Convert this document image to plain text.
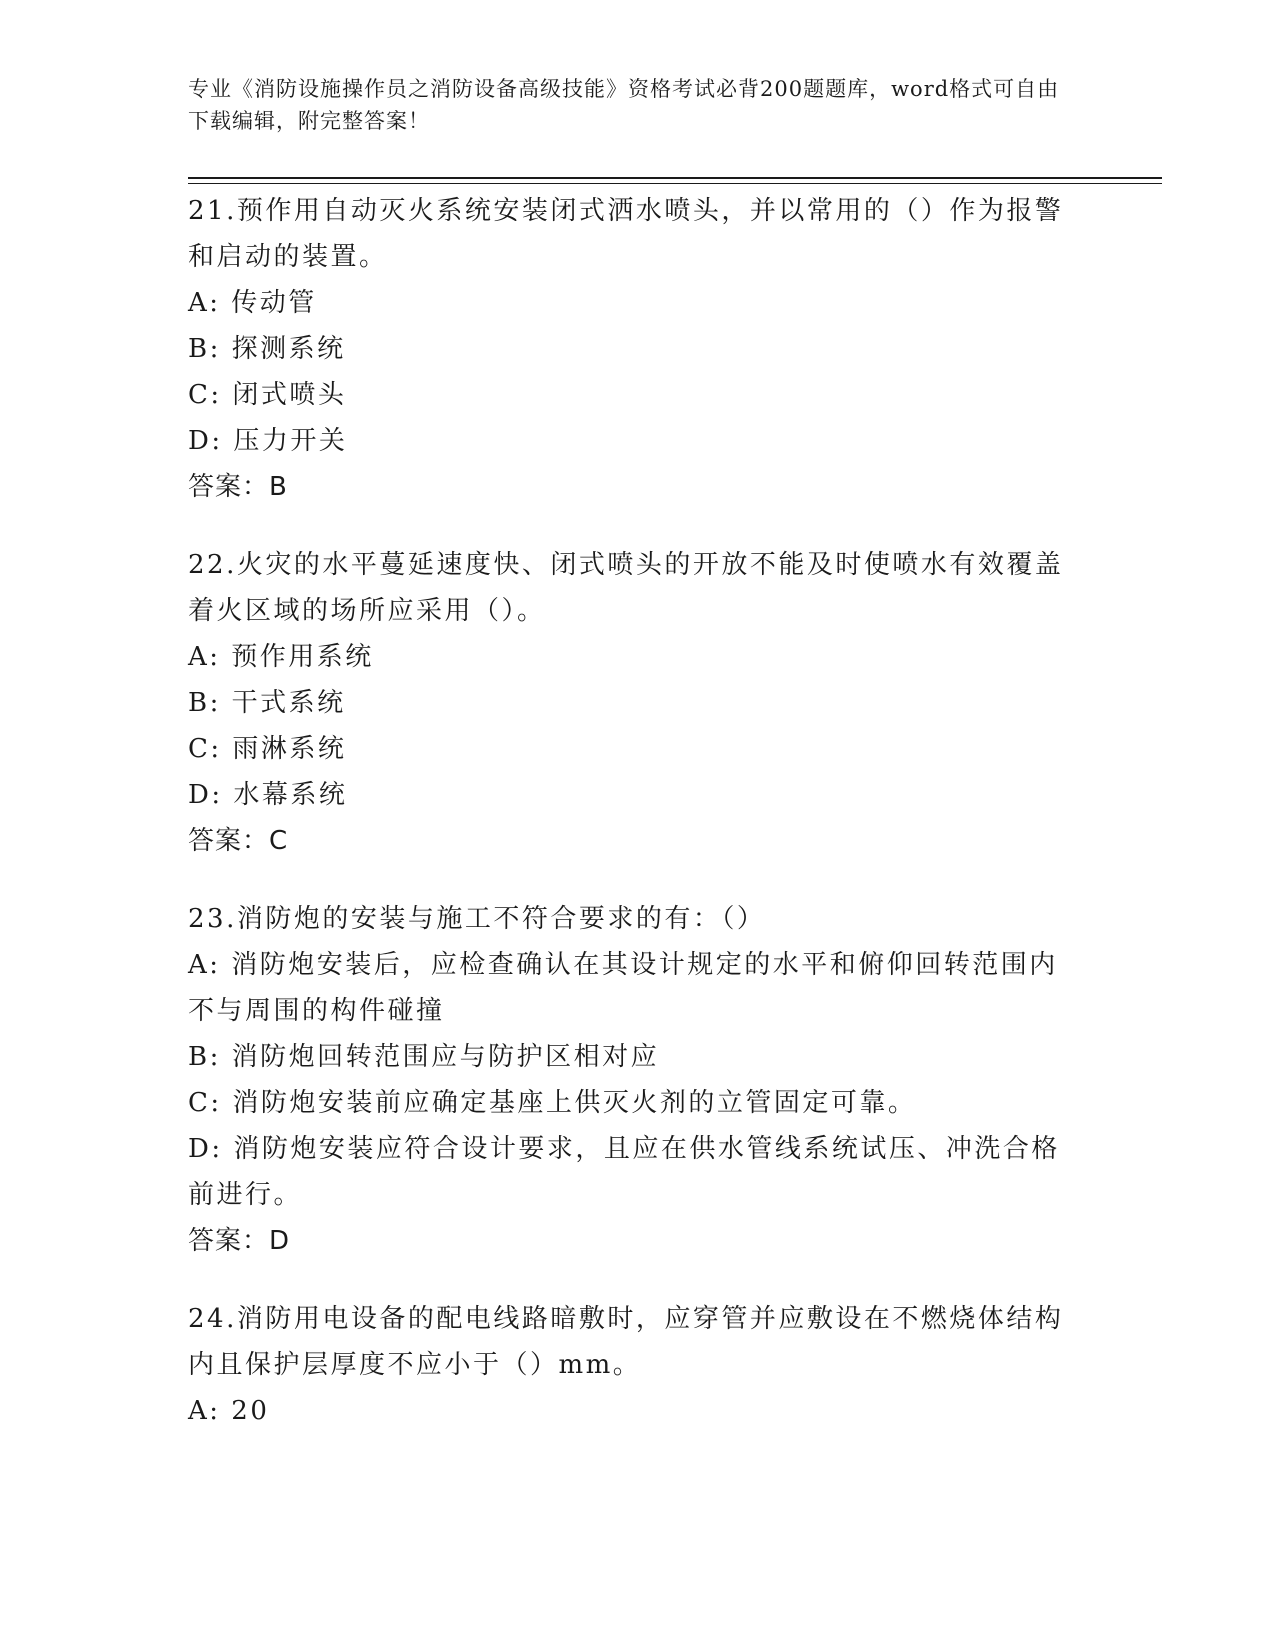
专业《消防设施操作员之消防设备高级技能》资格考试必背200题题库，word格式可自由下载编辑，附完整答案！

21.预作用自动灭火系统安装闭式洒水喷头，并以常用的（）作为报警和启动的装置。

A: 传动管

B: 探测系统

C: 闭式喷头

D: 压力开关

答案：B

22.火灾的水平蔓延速度快、闭式喷头的开放不能及时使喷水有效覆盖着火区域的场所应采用（）。

A: 预作用系统

B: 干式系统

C: 雨淋系统

D: 水幕系统

答案：C

23.消防炮的安装与施工不符合要求的有：（）

A: 消防炮安装后，应检查确认在其设计规定的水平和俯仰回转范围内不与周围的构件碰撞

B: 消防炮回转范围应与防护区相对应

C: 消防炮安装前应确定基座上供灭火剂的立管固定可靠。

D: 消防炮安装应符合设计要求，且应在供水管线系统试压、冲洗合格前进行。

答案：D

24.消防用电设备的配电线路暗敷时，应穿管并应敷设在不燃烧体结构内且保护层厚度不应小于（）mm。

A: 20
